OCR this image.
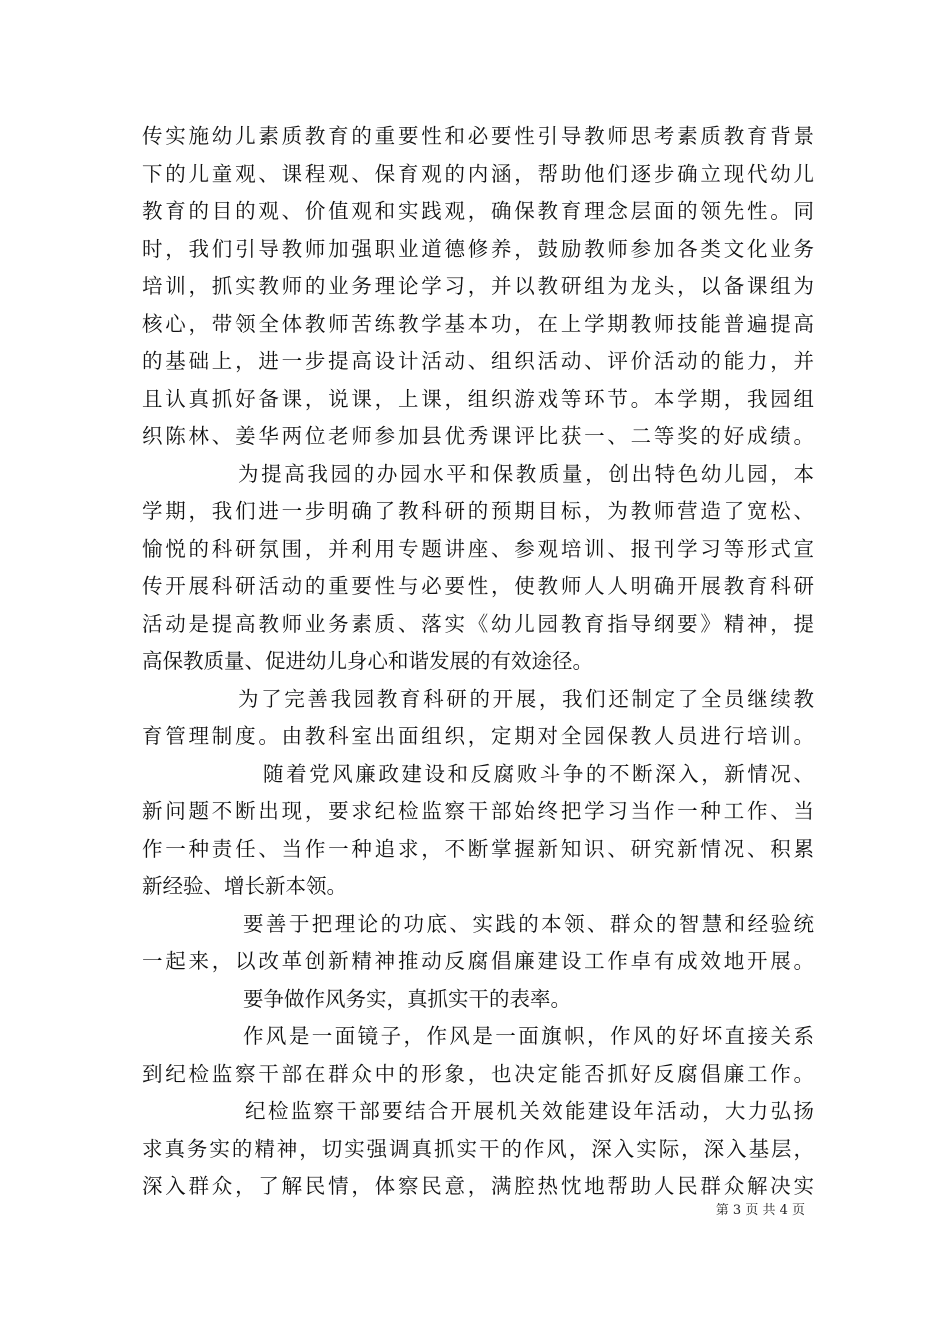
传实施幼儿素质教育的重要性和必要性引导教师思考素质教育背景
下的儿童观、课程观、保育观的内涵，帮助他们逐步确立现代幼儿
教育的目的观、价值观和实践观，确保教育理念层面的领先性。同
时，我们引导教师加强职业道德修养，鼓励教师参加各类文化业务
培训，抓实教师的业务理论学习，并以教研组为龙头，以备课组为
核心，带领全体教师苦练教学基本功，在上学期教师技能普遍提高
的基础上，进一步提高设计活动、组织活动、评价活动的能力，并
且认真抓好备课，说课，上课，组织游戏等环节。本学期，我园组
织陈林、姜华两位老师参加县优秀课评比获一、二等奖的好成绩。
为提高我园的办园水平和保教质量，创出特色幼儿园，本
学期，我们进一步明确了教科研的预期目标，为教师营造了宽松、
愉悦的科研氛围，并利用专题讲座、参观培训、报刊学习等形式宣
传开展科研活动的重要性与必要性，使教师人人明确开展教育科研
活动是提高教师业务素质、落实《幼儿园教育指导纲要》精神，提
高保教质量、促进幼儿身心和谐发展的有效途径。
为了完善我园教育科研的开展，我们还制定了全员继续教
育管理制度。由教科室出面组织，定期对全园保教人员进行培训。
随着党风廉政建设和反腐败斗争的不断深入，新情况、
新问题不断出现，要求纪检监察干部始终把学习当作一种工作、当
作一种责任、当作一种追求，不断掌握新知识、研究新情况、积累
新经验、增长新本领。
要善于把理论的功底、实践的本领、群众的智慧和经验统
一起来，以改革创新精神推动反腐倡廉建设工作卓有成效地开展。
要争做作风务实，真抓实干的表率。
作风是一面镜子，作风是一面旗帜，作风的好坏直接关系
到纪检监察干部在群众中的形象，也决定能否抓好反腐倡廉工作。
纪检监察干部要结合开展机关效能建设年活动，大力弘扬
求真务实的精神，切实强调真抓实干的作风，深入实际，深入基层，
深入群众，了解民情，体察民意，满腔热忱地帮助人民群众解决实
第 3 页 共 4 页
